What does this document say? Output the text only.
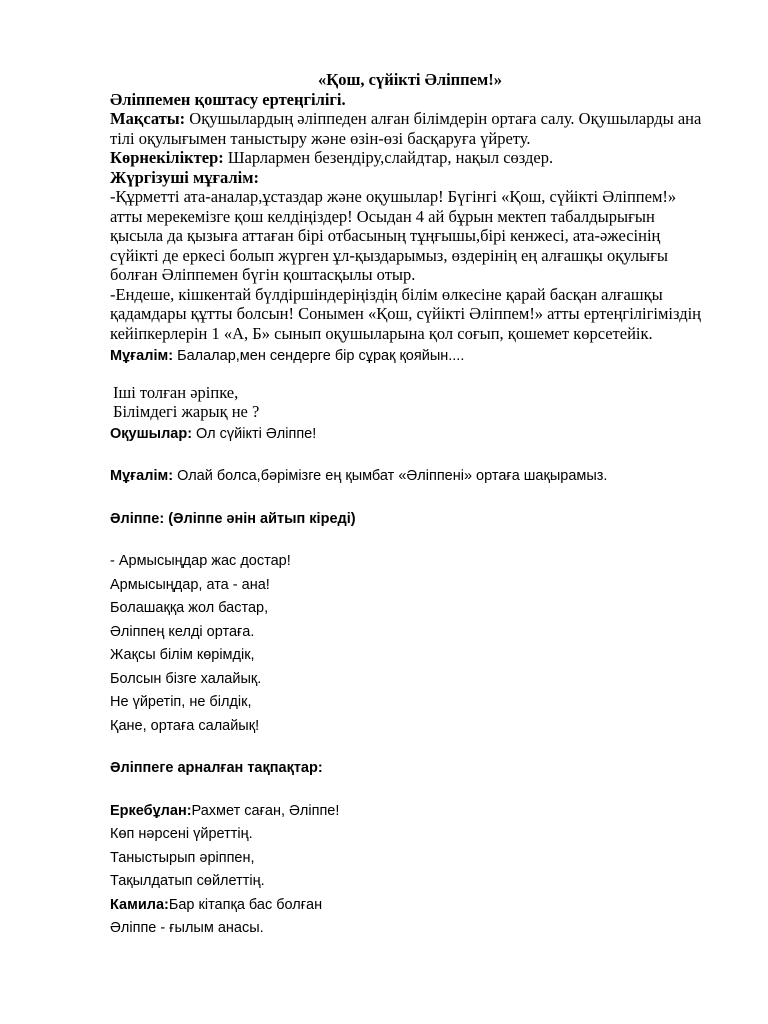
«Қош, сүйікті Әліппем!»

Әліппемен қоштасу ертеңгілігі.

Мақсаты: Оқушылардың әліппеден алған білімдерін ортаға салу. Оқушыларды ана тілі оқулығымен таныстыру және өзін-өзі басқаруға үйрету.

Көрнекіліктер: Шарлармен безендіру,слайдтар, нақыл сөздер.

Жүргізуші мұғалім:

-Құрметті ата-аналар,ұстаздар және оқушылар! Бүгінгі «Қош, сүйікті Әліппем!» атты мерекемізге қош келдіңіздер! Осыдан 4 ай бұрын мектеп табалдырығын қысыла да қызыға аттаған бірі отбасының тұңғышы,бірі кенжесі, ата-әжесінің сүйікті де еркесі болып жүрген ұл-қыздарымыз, өздерінің ең алғашқы оқулығы болған Әліппемен бүгін қоштасқылы отыр.

-Ендеше, кішкентай бүлдіршіндеріңіздің білім өлкесіне қарай басқан алғашқы қадамдары құтты болсын! Сонымен «Қош, сүйікті Әліппем!» атты ертеңгілігіміздің кейіпкерлерін 1 «А, Б» сынып оқушыларына қол соғып, қошемет көрсетейік.

Мұғалім: Балалар,мен сендерге бір сұрақ қояйын....

Іші толған әріпке,

Білімдегі жарық не ?

Оқушылар: Ол сүйікті Әліппе!

Мұғалім: Олай болса,бәрімізге ең қымбат «Әліппені» ортаға шақырамыз.

Әліппе: (Әліппе әнін айтып кіреді)

- Армысыңдар жас достар!

Армысыңдар, ата - ана!

Болашаққа жол бастар,

Әліппең келді ортаға.

Жақсы білім көрімдік,

Болсын бізге халайық.

Не үйретіп, не білдік,

Қане, ортаға салайық!

Әліппеге арналған тақпақтар:

Еркебұлан:Рахмет саған, Әліппе!

Көп нәрсені үйреттің.

Таныстырып әріппен,

Тақылдатып сөйлеттің.

Камила:Бар кітапқа бас болған

Әліппе - ғылым анасы.
